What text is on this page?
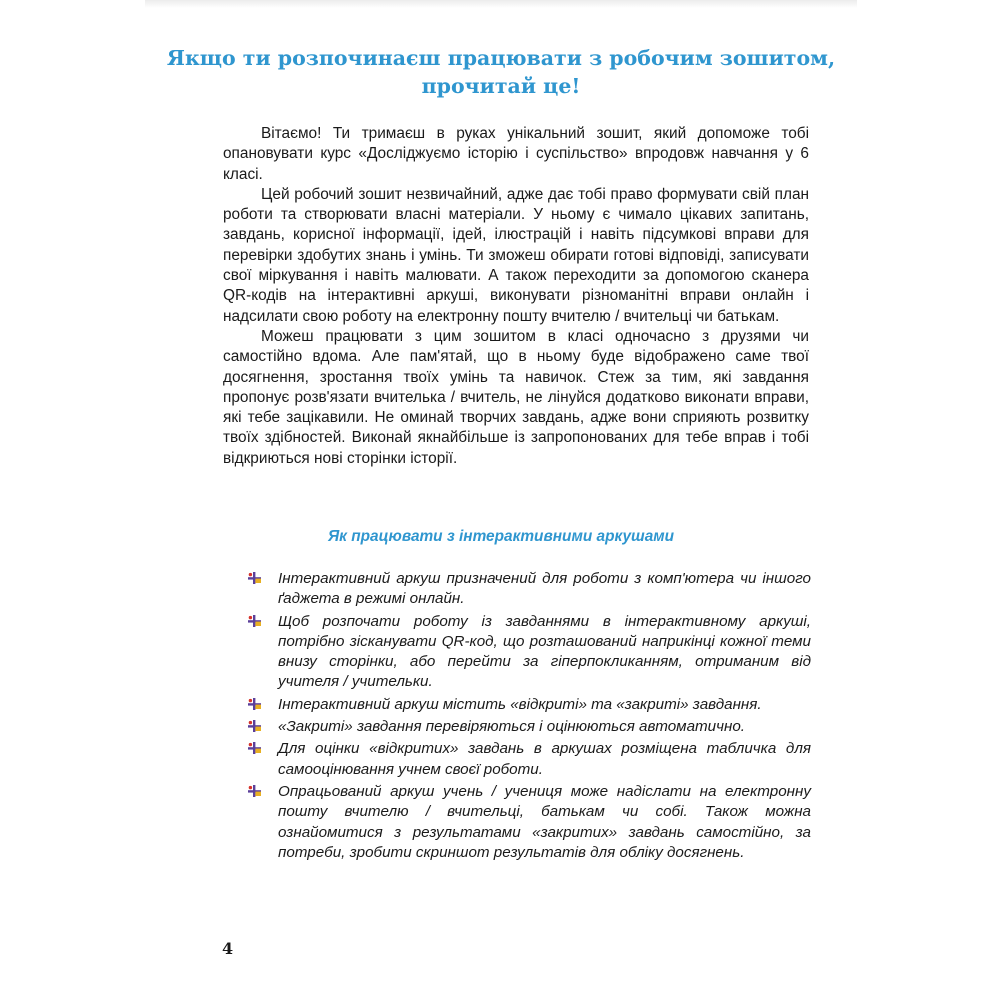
Якщо ти розпочинаєш працювати з робочим зошитом,
прочитай це!

Вітаємо! Ти тримаєш в руках унікальний зошит, який допоможе тобі опановувати курс «Досліджуємо історію і суспільство» впродовж навчання у 6 класі.

Цей робочий зошит незвичайний, адже дає тобі право формувати свій план роботи та створювати власні матеріали. У ньому є чимало цікавих запитань, завдань, корисної інформації, ідей, ілюстрацій і навіть підсумкові вправи для перевірки здобутих знань і умінь. Ти зможеш обирати готові відповіді, записувати свої міркування і навіть малювати. А також переходити за допомогою сканера QR-кодів на інтерактивні аркуші, виконувати різноманітні вправи онлайн і надсилати свою роботу на електронну пошту вчителю / вчительці чи батькам.

Можеш працювати з цим зошитом в класі одночасно з друзями чи самостійно вдома. Але пам'ятай, що в ньому буде відображено саме твої досягнення, зростання твоїх умінь та навичок. Стеж за тим, які завдання пропонує розв'язати вчителька / вчитель, не лінуйся додатково виконати вправи, які тебе зацікавили. Не оминай творчих завдань, адже вони сприяють розвитку твоїх здібностей. Виконай якнайбільше із запропонованих для тебе вправ і тобі відкриються нові сторінки історії.

Як працювати з інтерактивними аркушами
Інтерактивний аркуш призначений для роботи з комп'ютера чи іншого ґаджета в режимі онлайн.
Щоб розпочати роботу із завданнями в інтерактивному аркуші, потрібно зісканувати QR-код, що розташований наприкінці кожної теми внизу сторінки, або перейти за гіперпокликанням, отриманим від учителя / учительки.
Інтерактивний аркуш містить «відкриті» та «закриті» завдання.
«Закриті» завдання перевіряються і оцінюються автоматично.
Для оцінки «відкритих» завдань в аркушах розміщена табличка для самооцінювання учнем своєї роботи.
Опрацьований аркуш учень / учениця може надіслати на електронну пошту вчителю / вчительці, батькам чи собі. Також можна ознайомитися з результатами «закритих» завдань самостійно, за потреби, зробити скриншот результатів для обліку досягнень.
4
